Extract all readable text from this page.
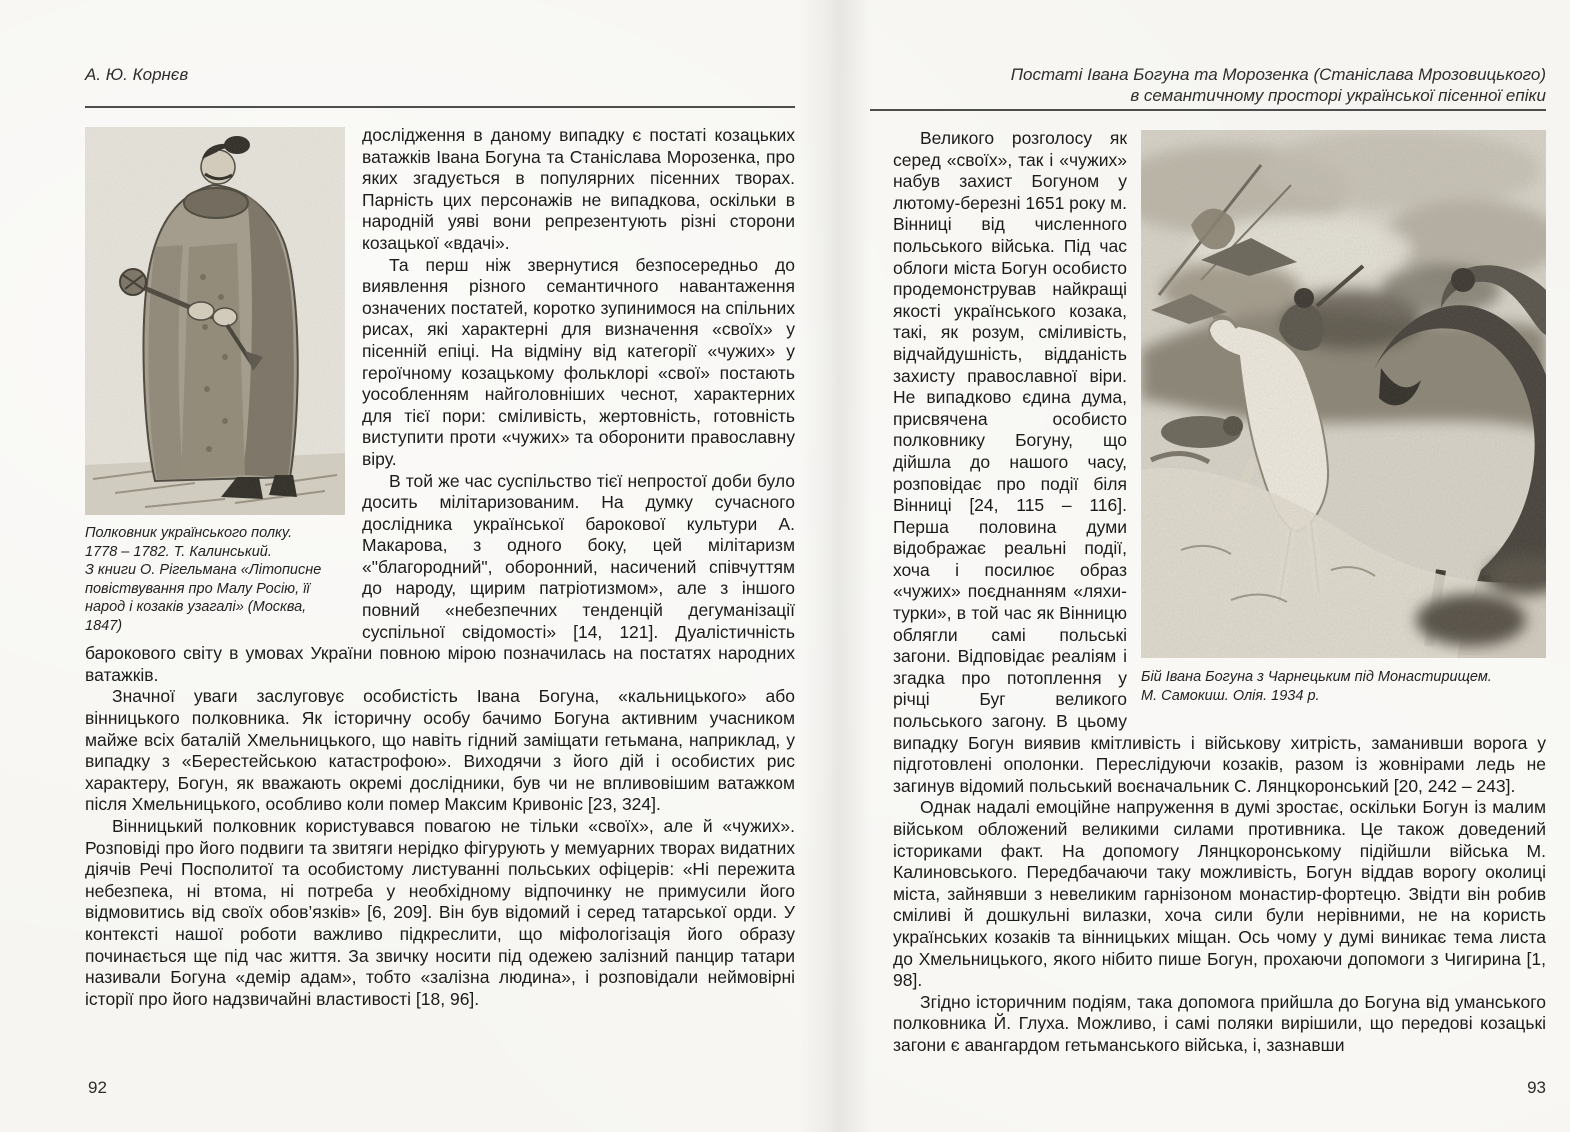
А. Ю. Корнєв
Полковник українського полку.
1778 – 1782. Т. Калинський.
З книги О. Рігельмана «Літописне
повіствування про Малу Росію, її
народ і козаків узагалі» (Москва, 1847)

дослідження в даному випадку є постаті козацьких ватажків Івана Богуна та Станіслава Морозенка, про яких згадується в популярних пісенних творах. Парність цих персонажів не випадкова, оскільки в народній уяві вони репрезентують різні сторони козацької «вдачі».

Та перш ніж звернутися безпосередньо до виявлення різного семантичного навантаження означених постатей, коротко зупинимося на спільних рисах, які характерні для визначення «своїх» у пісенній епіці. На відміну від категорії «чужих» у героїчному козацькому фольклорі «свої» постають уособленням найголовніших чеснот, характерних для тієї пори: сміливість, жертовність, готовність виступити проти «чужих» та оборонити православну віру.

В той же час суспільство тієї непростої доби було досить мілітаризованим. На думку сучасного дослідника української барокової культури А. Макарова, з одного боку, цей мілітаризм «"благородний", оборонний, насичений співчуттям до народу, щирим патріотизмом», але з іншого повний «небезпечних тенденцій дегуманізації суспільної свідомості» [14, 121]. Дуалістичність барокового світу в умовах України повною мірою позначилась на постатях народних ватажків.

Значної уваги заслуговує особистість Івана Богуна, «кальницького» або вінницького полковника. Як історичну особу бачимо Богуна активним учасником майже всіх баталій Хмельницького, що навіть гідний заміщати гетьмана, наприклад, у випадку з «Берестейською катастрофою». Виходячи з його дій і особистих рис характеру, Богун, як вважають окремі дослідники, був чи не впливовішим ватажком після Хмельницького, особливо коли помер Максим Кривоніс [23, 324].

Вінницький полковник користувався повагою не тільки «своїх», але й «чужих». Розповіді про його подвиги та звитяги нерідко фігурують у мемуарних творах видатних діячів Речі Посполитої та особистому листуванні польських офіцерів: «Ні пережита небезпека, ні втома, ні потреба у необхідному відпочинку не примусили його відмовитись від своїх обов’язків» [6, 209]. Він був відомий і серед татарської орди. У контексті нашої роботи важливо підкреслити, що міфологізація його образу починається ще під час життя. За звичку носити під одежею залізний панцир татари називали Богуна «демір адам», тобто «залізна людина», і розповідали неймовірні історії про його надзвичайні властивості [18, 96].

Постаті Івана Богуна та Морозенка (Станіслава Мрозовицького)
в семантичному просторі української пісенної епіки
Бій Івана Богуна з Чарнецьким під Монастирищем.
М. Самокиш. Олія. 1934 р.

Великого розголосу як серед «своїх», так і «чужих» набув захист Богуном у лютому-березні 1651 року м. Вінниці від численного польського війська. Під час облоги міста Богун особисто продемонстрував найкращі якості українського козака, такі, як розум, сміливість, відчайдушність, відданість захисту православної віри. Не випадково єдина дума, присвячена особисто полковнику Богуну, що дійшла до нашого часу, розповідає про події біля Вінниці [24, 115 – 116]. Перша половина думи відображає реальні події, хоча і посилює образ «чужих» поєднанням «ляхи-турки», в той час як Вінницю облягли самі польські загони. Відповідає реаліям і згадка про потоплення у річці Буг великого польського загону. В цьому випадку Богун виявив кмітливість і військову хитрість, заманивши ворога у підготовлені ополонки. Переслідуючи козаків, разом із жовнірами ледь не загинув відомий польський воєначальник С. Лянцкоронський [20, 242 – 243].

Однак надалі емоційне напруження в думі зростає, оскільки Богун із малим військом обложений великими силами противника. Це також доведений істориками факт. На допомогу Лянцкоронському підійшли війська М. Калиновського. Передбачаючи таку можливість, Богун віддав ворогу околиці міста, зайнявши з невеликим гарнізоном монастир-фортецю. Звідти він робив сміливі й дошкульні вилазки, хоча сили були нерівними, не на користь українських козаків та вінницьких міщан. Ось чому у думі виникає тема листа до Хмельницького, якого нібито пише Богун, прохаючи допомоги з Чигирина [1, 98].

Згідно історичним подіям, така допомога прийшла до Богуна від уманського полковника Й. Глуха. Можливо, і самі поляки вирішили, що передові козацькі загони є авангардом гетьманського війська, і, зазнавши

92	93
